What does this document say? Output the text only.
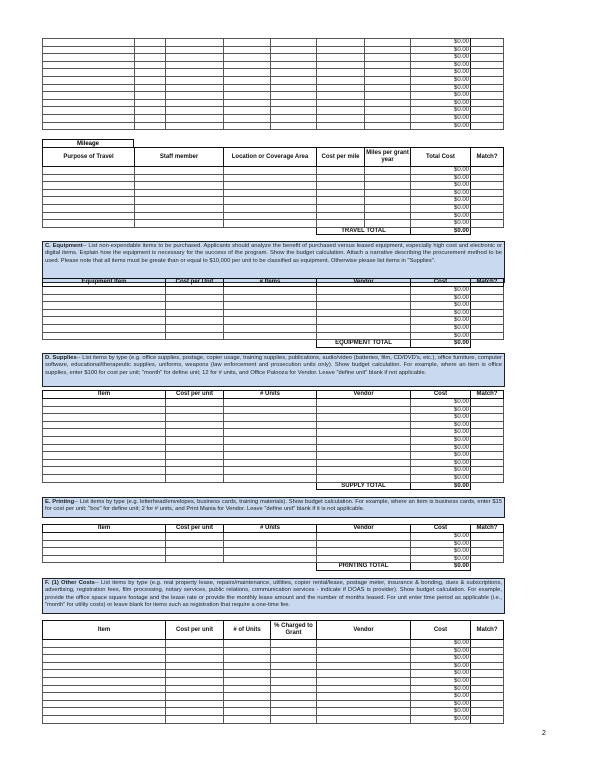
Mileage
C. Equipment-- List non-expendable items to be purchased. Applicants should analyze the benefit of purchased versus leased equipment, especially high cost and electronic or digital items. Explain how the equipment is necessary for the success of the program. Show the budget calculation. Attach a narrative describing the procurement method to be used. Please note that all items must be greate than or equal to $10,000 per unit to be classified as equipment. Otherwise please list items in "Supplies".
D. Supplies-- List items by type (e.g. office supplies, postage, copier usage, training supplies, publications, audio/video (batteries, film, CD/DVD's, etc.), office furniture, computer software, educational/therapeutic supplies, uniforms, weapons (law enforcement and prosecution units only). Show budget calculation. For example, where an item is office supplies, enter $100 for cost per unit; "month" for define unit; 12 for # units, and Office Palooza for Vendor. Leave "define unit" blank if not applicable.
E. Printing-- List items by type (e.g. letterhead/envelopes, business cards, training materials). Show budget calculation. For example, where an item is business cards, enter $15 for cost per unit; "box" for define unit; 2 for # units, and Print Mania for Vendor. Leave "define unit" blank if it is not applicable.
F. (1) Other Costs-- List items by type (e.g. real property lease, repairs/maintenance, utilities, copier rental/lease, postage meter, insurance & bonding, dues & subscriptions, advertising, registration fees, film processing, notary services, public relations, communication services - indicate if DOAS is provider). Show budget calculation. For example, provide the office space square footage and the lease rate or provide the monthly lease amount and the number of months leased. For unit enter time period as applicable (i.e., "month" for utility costs) or leave blank for items such as registration that require a one-time fee.
2
							$0.00	
							$0.00	
							$0.00	
							$0.00	
							$0.00	
							$0.00	
							$0.00	
							$0.00	
							$0.00	
							$0.00	
							$0.00	
							$0.00	
Purpose of Travel	Staff member	Location or Coverage Area	Cost per mile	Miles per grant year	Total Cost	Match?
					$0.00	
					$0.00	
					$0.00	
					$0.00	
					$0.00	
					$0.00	
					$0.00	
					$0.00	
			TRAVEL TOTAL		$0.00	
Equipment Item	Cost per Unit	# Items	Vendor	Cost	Match?
				$0.00	
				$0.00	
				$0.00	
				$0.00	
				$0.00	
				$0.00	
				$0.00	
			EQUIPMENT TOTAL	$0.00	
Item	Cost per unit	# Units	Vendor	Cost	Match?
				$0.00	
				$0.00	
				$0.00	
				$0.00	
				$0.00	
				$0.00	
				$0.00	
				$0.00	
				$0.00	
				$0.00	
				$0.00	
			SUPPLY TOTAL	$0.00	
Item	Cost per unit	# Units	Vendor	Cost	Match?
				$0.00	
				$0.00	
				$0.00	
				$0.00	
			PRINTING TOTAL	$0.00	
Item	Cost per unit	# of Units	% Charged to Grant	Vendor	Cost	Match?
					$0.00	
					$0.00	
					$0.00	
					$0.00	
					$0.00	
					$0.00	
					$0.00	
					$0.00	
					$0.00	
					$0.00	
					$0.00	
